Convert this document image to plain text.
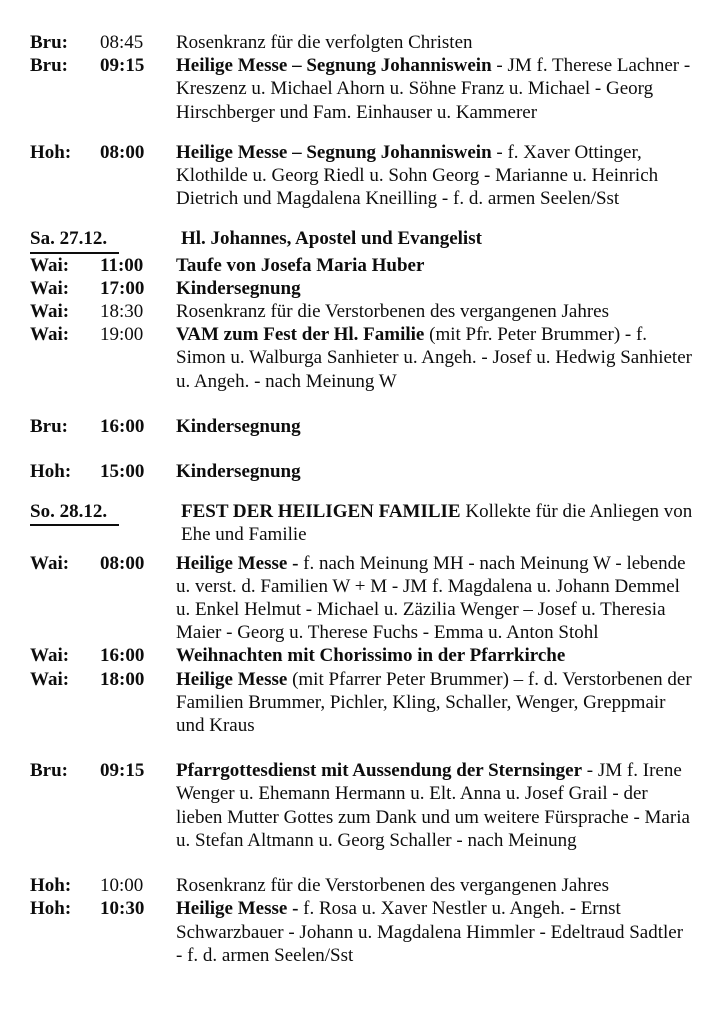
Bru:	08:45	Rosenkranz für die verfolgten Christen
Bru:	09:15	Heilige Messe – Segnung Johanniswein - JM f. Therese Lachner - Kreszenz u. Michael Ahorn u. Söhne Franz u. Michael - Georg Hirschberger und Fam. Einhauser u. Kammerer
Hoh:	08:00	Heilige Messe – Segnung Johanniswein - f. Xaver Ottinger, Klothilde u. Georg Riedl u. Sohn Georg - Marianne u. Heinrich Dietrich und Magdalena Kneilling - f. d. armen Seelen/Sst
Sa. 27.12.	Hl. Johannes, Apostel und Evangelist
Wai:	11:00	Taufe von Josefa Maria Huber
Wai:	17:00	Kindersegnung
Wai:	18:30	Rosenkranz für die Verstorbenen des vergangenen Jahres
Wai:	19:00	VAM zum Fest der Hl. Familie (mit Pfr. Peter Brummer) - f. Simon u. Walburga Sanhieter u. Angeh. - Josef u. Hedwig Sanhieter u. Angeh. - nach Meinung W
Bru:	16:00	Kindersegnung
Hoh:	15:00	Kindersegnung
So. 28.12.	FEST DER HEILIGEN FAMILIE Kollekte für die Anliegen von Ehe und Familie
Wai:	08:00	Heilige Messe - f. nach Meinung MH - nach Meinung W - lebende u. verst. d. Familien W + M - JM f. Magdalena u. Johann Demmel u. Enkel Helmut - Michael u. Zäzilia Wenger – Josef u. Theresia Maier - Georg u. Therese Fuchs - Emma u. Anton Stohl
Wai:	16:00	Weihnachten mit Chorissimo in der Pfarrkirche
Wai:	18:00	Heilige Messe (mit Pfarrer Peter Brummer) – f. d. Verstorbenen der Familien Brummer, Pichler, Kling, Schaller, Wenger, Greppmair und Kraus
Bru:	09:15	Pfarrgottesdienst mit Aussendung der Sternsinger - JM f. Irene Wenger u. Ehemann Hermann u. Elt. Anna u. Josef Grail - der lieben Mutter Gottes zum Dank und um weitere Fürsprache - Maria u. Stefan Altmann u. Georg Schaller - nach Meinung
Hoh:	10:00	Rosenkranz für die Verstorbenen des vergangenen Jahres
Hoh:	10:30	Heilige Messe - f. Rosa u. Xaver Nestler u. Angeh. - Ernst Schwarzbauer - Johann u. Magdalena Himmler - Edeltraud Sadtler - f. d. armen Seelen/Sst
